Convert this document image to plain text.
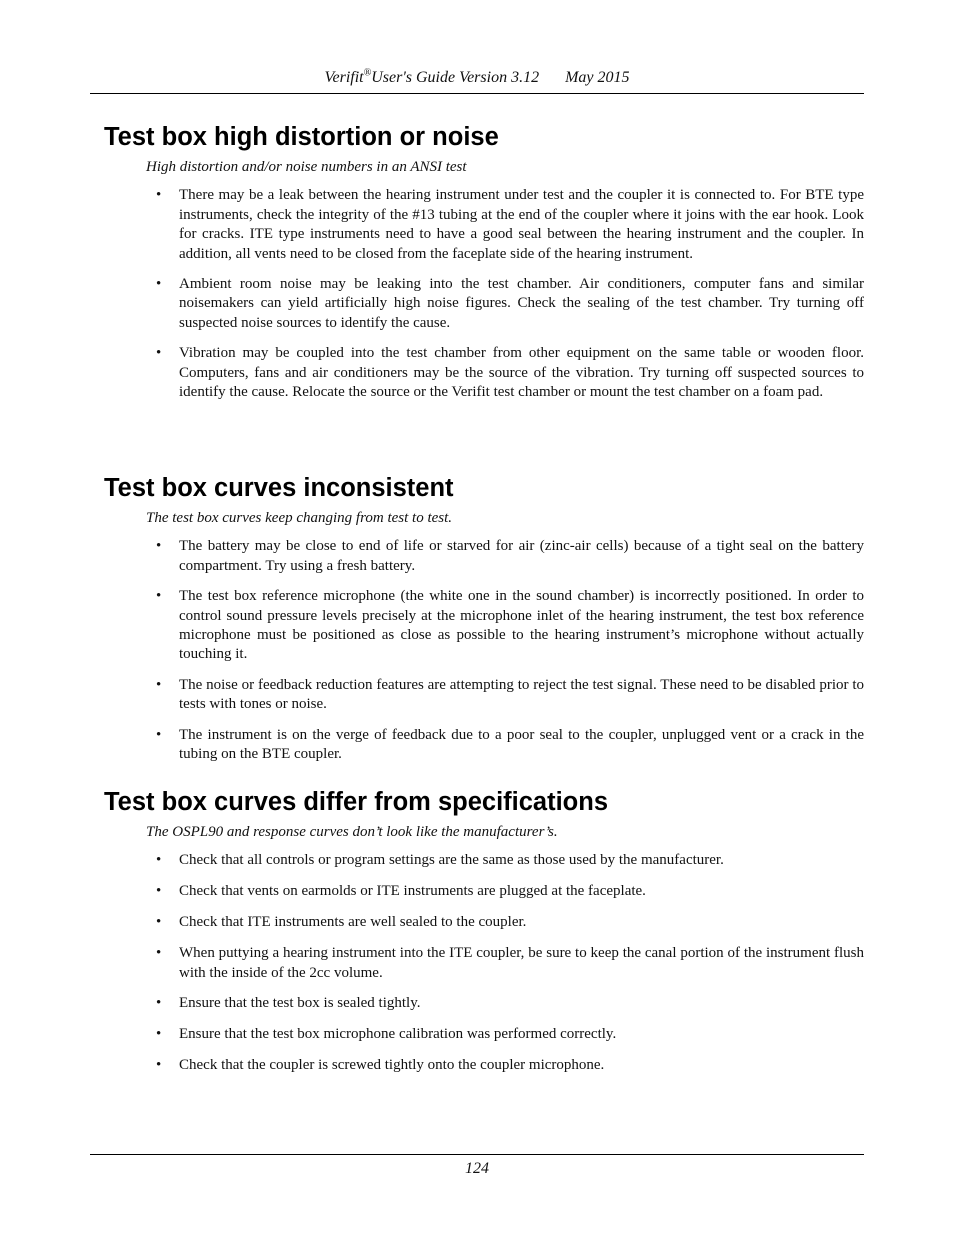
Verifit®User's Guide Version 3.12 May 2015
Test box high distortion or noise

High distortion and/or noise numbers in an ANSI test

• There may be a leak between the hearing instrument under test and the coupler it is connected to. For BTE type instruments, check the integrity of the #13 tubing at the end of the coupler where it joins with the ear hook. Look for cracks. ITE type instruments need to have a good seal between the hearing instrument and the coupler. In addition, all vents need to be closed from the faceplate side of the hearing instrument.
• Ambient room noise may be leaking into the test chamber. Air conditioners, computer fans and similar noisemakers can yield artificially high noise figures. Check the sealing of the test chamber. Try turning off suspected noise sources to identify the cause.
• Vibration may be coupled into the test chamber from other equipment on the same table or wooden floor. Computers, fans and air conditioners may be the source of the vibration. Try turning off suspected sources to identify the cause. Relocate the source or the Verifit test chamber or mount the test chamber on a foam pad.
Test box curves inconsistent

The test box curves keep changing from test to test.

• The battery may be close to end of life or starved for air (zinc-air cells) because of a tight seal on the battery compartment. Try using a fresh battery.
• The test box reference microphone (the white one in the sound chamber) is incorrectly positioned. In order to control sound pressure levels precisely at the microphone inlet of the hearing instrument, the test box reference microphone must be positioned as close as possible to the hearing instrument’s microphone without actually touching it.
• The noise or feedback reduction features are attempting to reject the test signal. These need to be disabled prior to tests with tones or noise.
• The instrument is on the verge of feedback due to a poor seal to the coupler, unplugged vent or a crack in the tubing on the BTE coupler.
Test box curves differ from specifications

The OSPL90 and response curves don’t look like the manufacturer’s.

• Check that all controls or program settings are the same as those used by the manufacturer.
• Check that vents on earmolds or ITE instruments are plugged at the faceplate.
• Check that ITE instruments are well sealed to the coupler.
• When puttying a hearing instrument into the ITE coupler, be sure to keep the canal portion of the instrument flush with the inside of the 2cc volume.
• Ensure that the test box is sealed tightly.
• Ensure that the test box microphone calibration was performed correctly.
• Check that the coupler is screwed tightly onto the coupler microphone.
124
